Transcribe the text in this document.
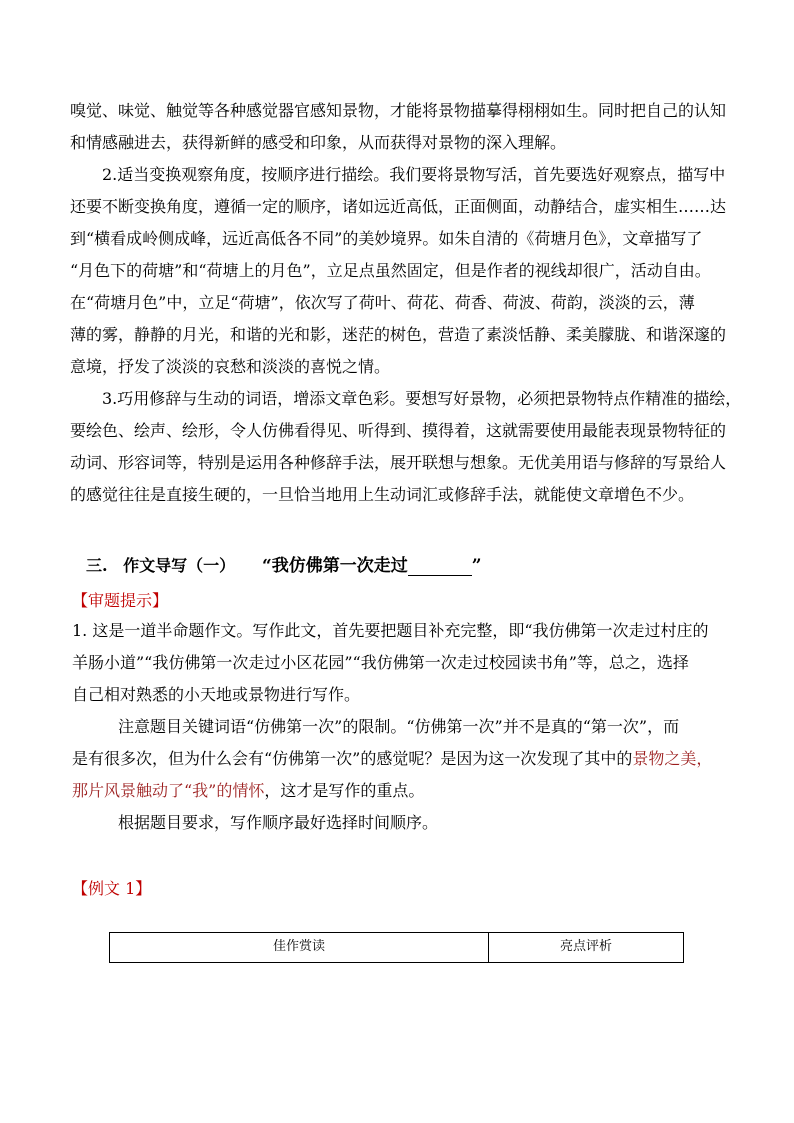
嗅觉、味觉、触觉等各种感觉器官感知景物，才能将景物描摹得栩栩如生。同时把自己的认知
和情感融进去，获得新鲜的感受和印象，从而获得对景物的深入理解。
2.适当变换观察角度，按顺序进行描绘。我们要将景物写活，首先要选好观察点，描写中
还要不断变换角度，遵循一定的顺序，诸如远近高低，正面侧面，动静结合，虚实相生……达
到“横看成岭侧成峰，远近高低各不同”的美妙境界。如朱自清的《荷塘月色》，文章描写了
“月色下的荷塘”和“荷塘上的月色”，立足点虽然固定，但是作者的视线却很广，活动自由。
在“荷塘月色”中，立足“荷塘”，依次写了荷叶、荷花、荷香、荷波、荷韵，淡淡的云，薄
薄的雾，静静的月光，和谐的光和影，迷茫的树色，营造了素淡恬静、柔美朦胧、和谐深邃的
意境，抒发了淡淡的哀愁和淡淡的喜悦之情。
3.巧用修辞与生动的词语，增添文章色彩。要想写好景物，必须把景物特点作精准的描绘，
要绘色、绘声、绘形，令人仿佛看得见、听得到、摸得着，这就需要使用最能表现景物特征的
动词、形容词等，特别是运用各种修辞手法，展开联想与想象。无优美用语与修辞的写景给人
的感觉往往是直接生硬的，一旦恰当地用上生动词汇或修辞手法，就能使文章增色不少。
三. 作文导写（一） “我仿佛第一次走过	”
【审题提示】
1. 这是一道半命题作文。写作此文，首先要把题目补充完整，即“我仿佛第一次走过村庄的
羊肠小道”“我仿佛第一次走过小区花园”“我仿佛第一次走过校园读书角”等，总之，选择
自己相对熟悉的小天地或景物进行写作。
注意题目关键词语“仿佛第一次”的限制。“仿佛第一次”并不是真的“第一次”，而
是有很多次，但为什么会有“仿佛第一次”的感觉呢？是因为这一次发现了其中的景物之美，
那片风景触动了“我”的情怀，这才是写作的重点。
根据题目要求，写作顺序最好选择时间顺序。
【例文 1】
佳作赏读	亮点评析
